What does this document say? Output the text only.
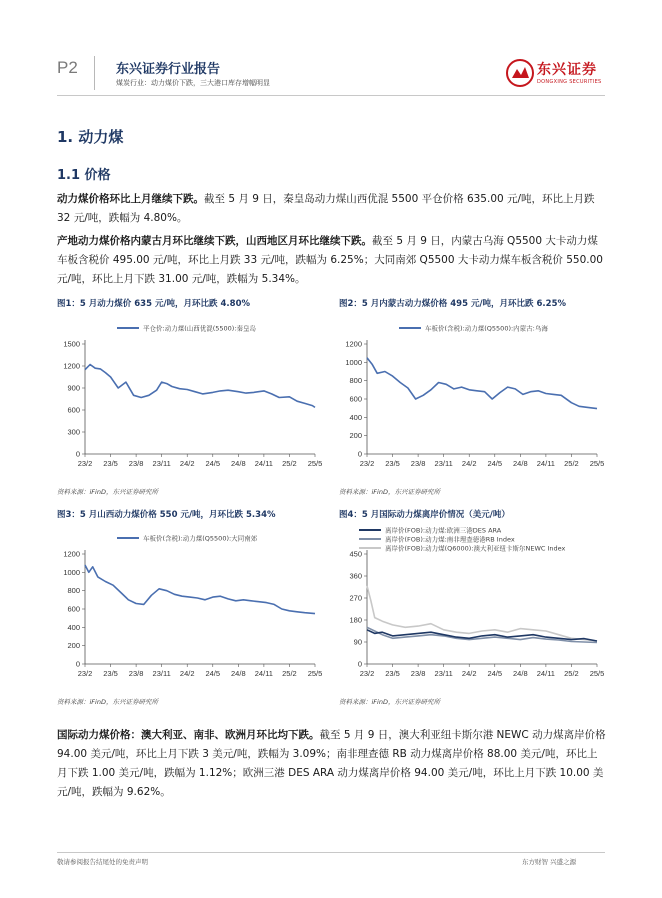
P2	东兴证券行业报告
煤炭行业：动力煤价下跌，三大港口库存增幅明显
东兴证券
DONGXING SECURITIES
1. 动力煤
1.1 价格
动力煤价格环比上月继续下跌。截至 5 月 9 日，秦皇岛动力煤山西优混 5500 平仓价格 635.00 元/吨，环比上月跌 32 元/吨，跌幅为 4.80%。
产地动力煤价格内蒙古月环比继续下跌，山西地区月环比继续下跌。截至 5 月 9 日，内蒙古乌海 Q5500 大卡动力煤车板含税价 495.00 元/吨，环比上月跌 33 元/吨，跌幅为 6.25%；大同南郊 Q5500 大卡动力煤车板含税价 550.00 元/吨，环比上月下跌 31.00 元/吨，跌幅为 5.34%。
图1：5 月动力煤价 635 元/吨，月环比跌 4.80%	图2：5 月内蒙古动力煤价格 495 元/吨，月环比跌 6.25%
图3：5 月山西动力煤价格 550 元/吨，月环比跌 5.34%	图4：5 月国际动力煤离岸价情况（美元/吨）
平仓价:动力煤(山西优混(5500):秦皇岛
0
300
600
900
1200
1500
23/2 23/5 23/8 23/11 24/2 24/5 24/8 24/11 25/2 25/5
车板价(含税):动力煤(Q5500):内蒙古:乌海
0
200
400
600
800
1000
1200
23/2 23/5 23/8 23/11 24/2 24/5 24/8 24/11 25/2 25/5
车板价(含税):动力煤(Q5500):大同南郊
0
200
400
600
800
1000
1200
23/2 23/5 23/8 23/11 24/2 24/5 24/8 24/11 25/2 25/5
离岸价(FOB):动力煤:欧洲三港DES ARA
离岸价(FOB):动力煤:南非理查德港RB Index
离岸价(FOB):动力煤(Q6000):澳大利亚纽卡斯尔NEWC Index
0
90
180
270
360
450
23/2 23/5 23/8 23/11 24/2 24/5 24/8 24/11 25/2 25/5
资料来源：iFinD，东兴证券研究所	资料来源：iFinD，东兴证券研究所
资料来源：iFinD，东兴证券研究所	资料来源：iFinD，东兴证券研究所
国际动力煤价格：澳大利亚、南非、欧洲月环比均下跌。截至 5 月 9 日，澳大利亚纽卡斯尔港 NEWC 动力煤离岸价格 94.00 美元/吨，环比上月下跌 3 美元/吨，跌幅为 3.09%；南非理查德 RB 动力煤离岸价格 88.00 美元/吨，环比上月下跌 1.00 美元/吨，跌幅为 1.12%；欧洲三港 DES ARA 动力煤离岸价格 94.00 美元/吨，环比上月下跌 10.00 美元/吨，跌幅为 9.62%。
敬请参阅报告结尾处的免责声明	东方财智 兴盛之源
